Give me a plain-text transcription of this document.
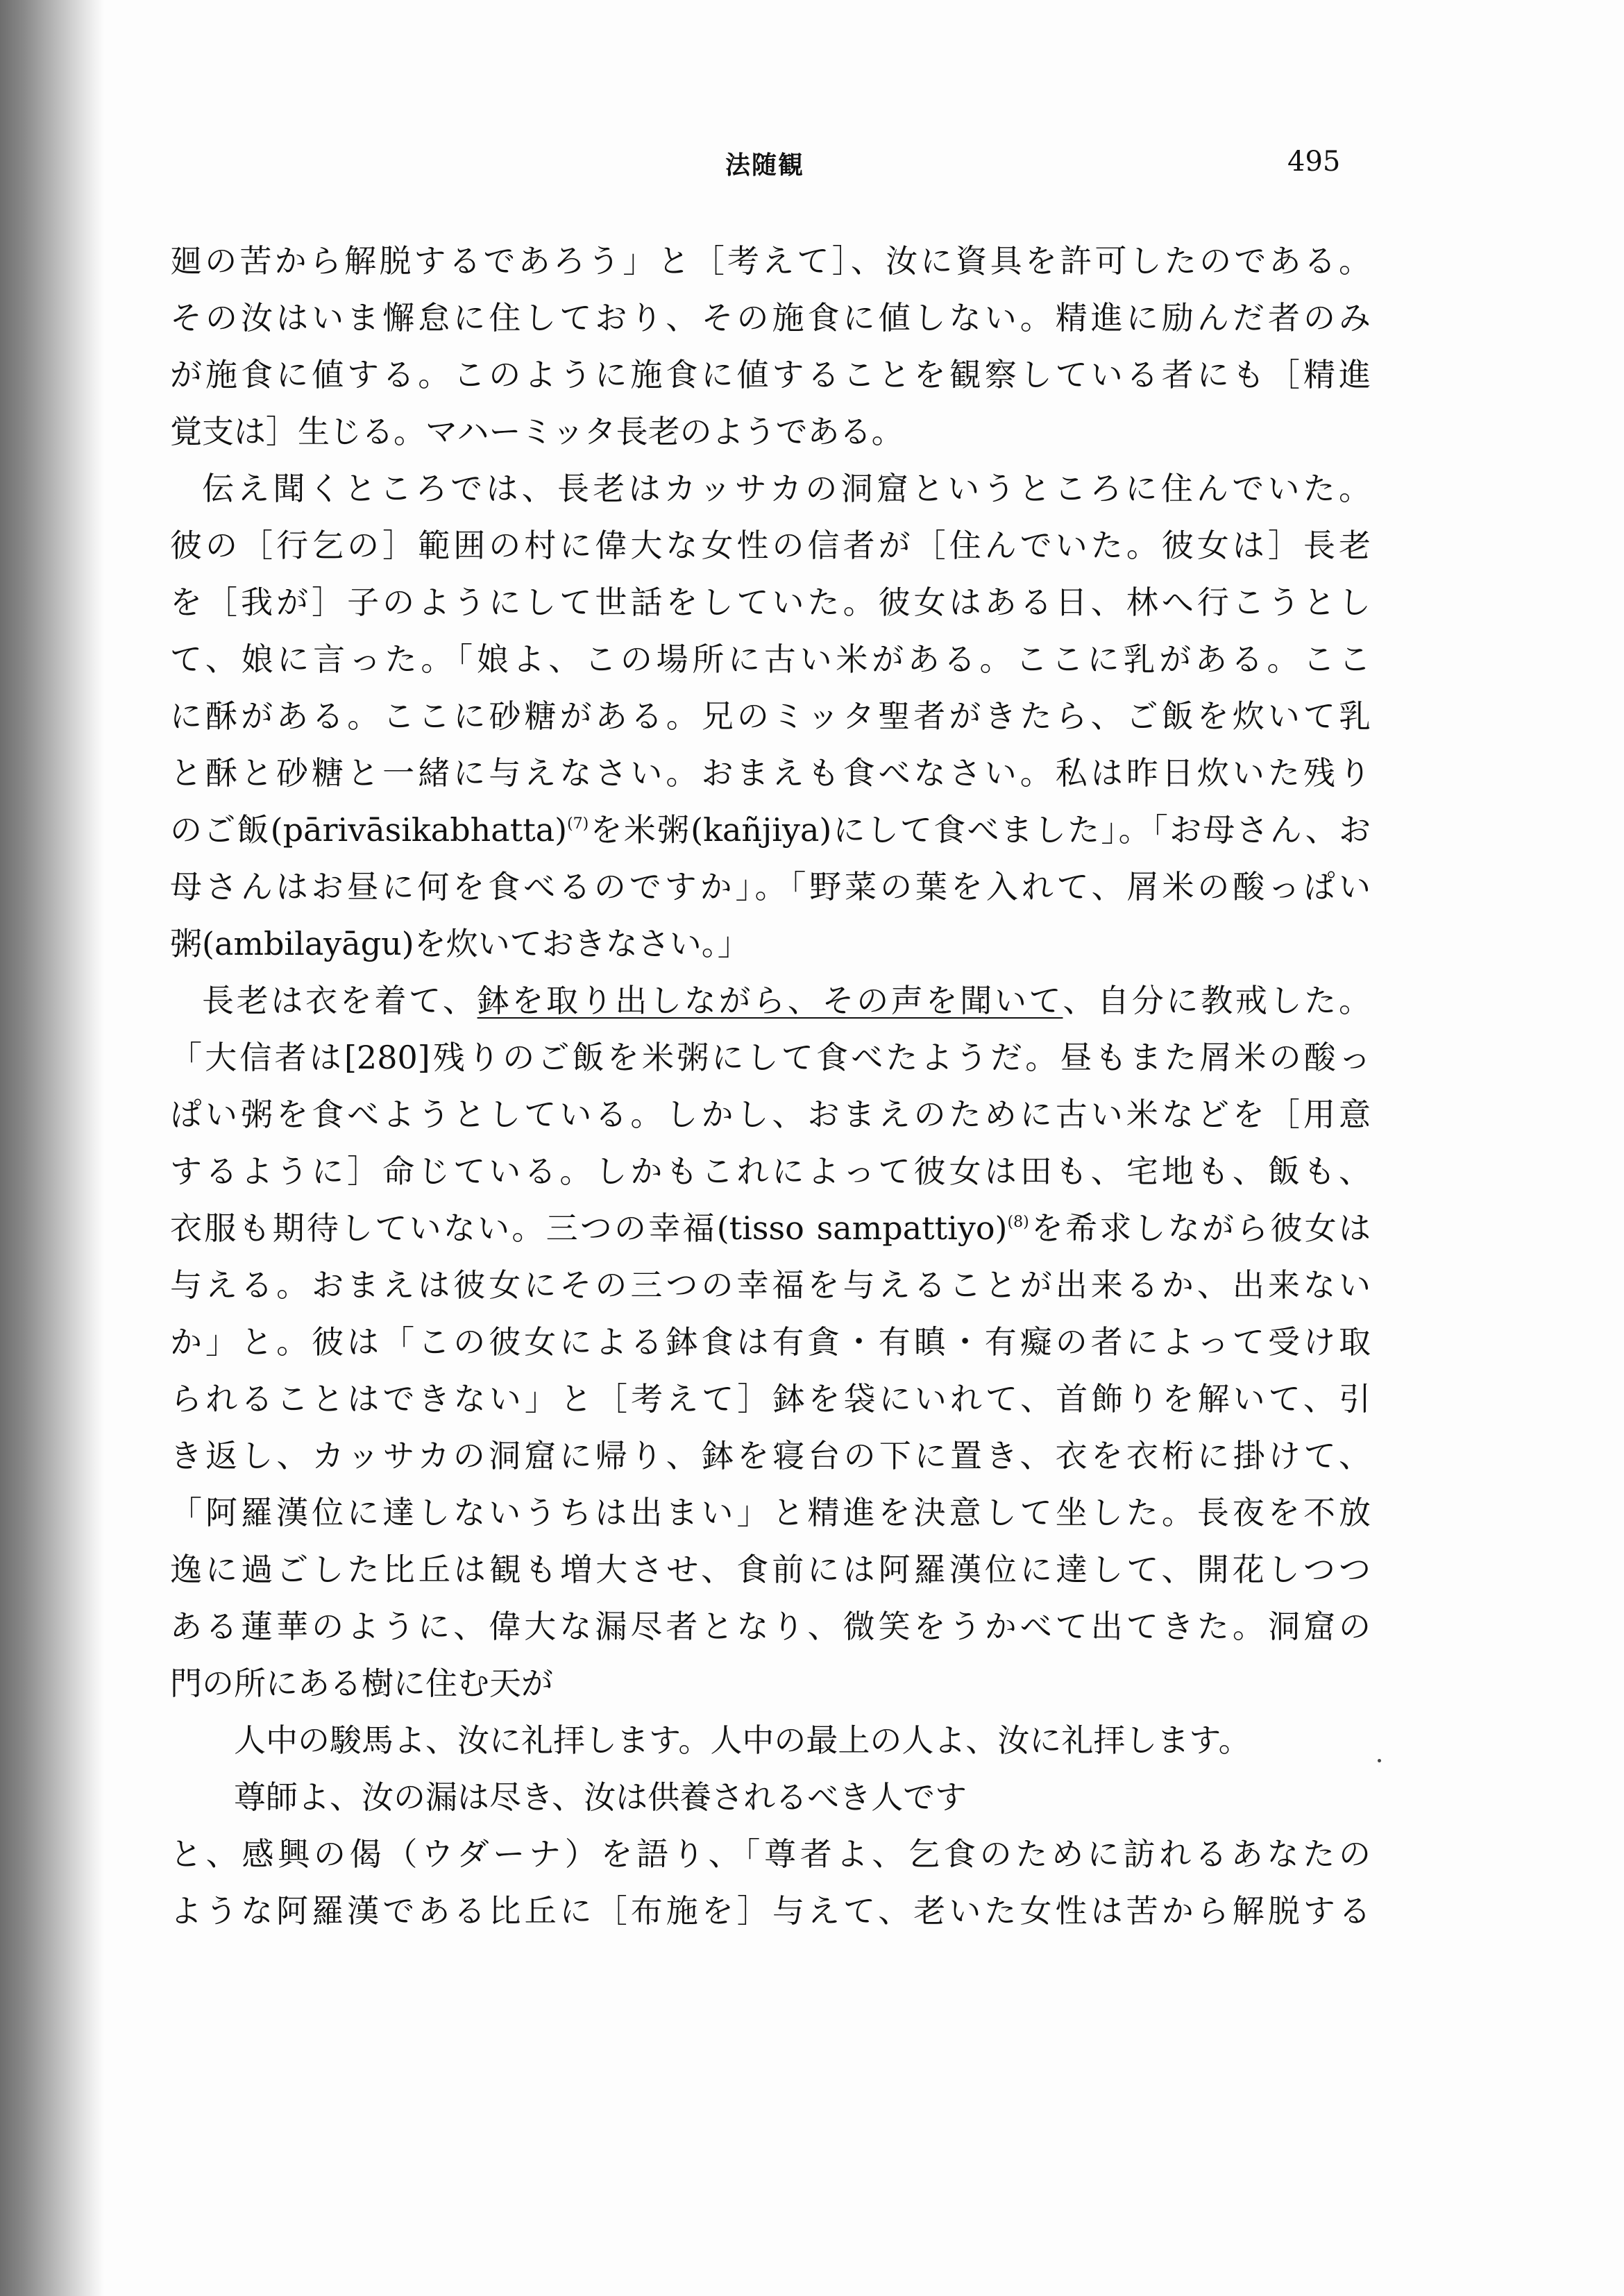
法随観	495
廻の苦から解脱するであろう」と［考えて］、汝に資具を許可したのである。
その汝はいま懈怠に住しており、その施食に値しない。精進に励んだ者のみ
が施食に値する。このように施食に値することを観察している者にも［精進
覚支は］生じる。マハーミッタ長老のようである。
伝え聞くところでは、長老はカッサカの洞窟というところに住んでいた。
彼の［行乞の］範囲の村に偉大な女性の信者が［住んでいた。彼女は］長老
を［我が］子のようにして世話をしていた。彼女はある日、林へ行こうとし
て、娘に言った。「娘よ、この場所に古い米がある。ここに乳がある。ここ
に酥がある。ここに砂糖がある。兄のミッタ聖者がきたら、ご飯を炊いて乳
と酥と砂糖と一緒に与えなさい。おまえも食べなさい。私は昨日炊いた残り
のご飯(pārivāsikabhatta)$^{(7)}$を米粥(kañjiya)にして食べました」。「お母さん、お
母さんはお昼に何を食べるのですか」。「野菜の葉を入れて、屑米の酸っぱい
粥(ambilayāgu)を炊いておきなさい。」
長老は衣を着て、鉢を取り出しながら、その声を聞いて、自分に教戒した。
「大信者は[280]残りのご飯を米粥にして食べたようだ。昼もまた屑米の酸っ
ぱい粥を食べようとしている。しかし、おまえのために古い米などを［用意
するように］命じている。しかもこれによって彼女は田も、宅地も、飯も、
衣服も期待していない。三つの幸福(tisso sampattiyo)$^{(8)}$を希求しながら彼女は
与える。おまえは彼女にその三つの幸福を与えることが出来るか、出来ない
か」と。彼は「この彼女による鉢食は有貪・有瞋・有癡の者によって受け取
られることはできない」と［考えて］鉢を袋にいれて、首飾りを解いて、引
き返し、カッサカの洞窟に帰り、鉢を寝台の下に置き、衣を衣桁に掛けて、
「阿羅漢位に達しないうちは出まい」と精進を決意して坐した。長夜を不放
逸に過ごした比丘は観も増大させ、食前には阿羅漢位に達して、開花しつつ
ある蓮華のように、偉大な漏尽者となり、微笑をうかべて出てきた。洞窟の
門の所にある樹に住む天が
人中の駿馬よ、汝に礼拝します。人中の最上の人よ、汝に礼拝します。
尊師よ、汝の漏は尽き、汝は供養されるべき人です
と、感興の偈（ウダーナ）を語り、「尊者よ、乞食のために訪れるあなたの
ような阿羅漢である比丘に［布施を］与えて、老いた女性は苦から解脱する
